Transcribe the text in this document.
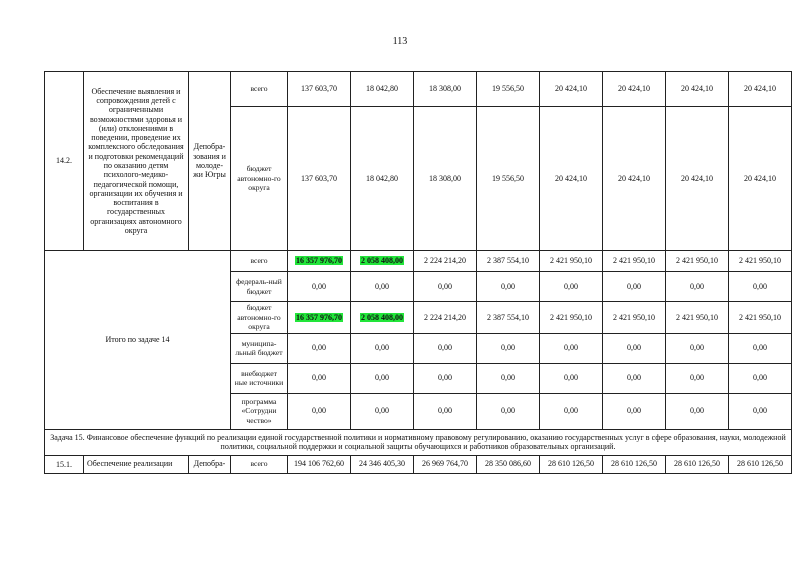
113
14.2.	Обеспечение выявления и сопровождения детей с ограниченными возможностями здоровья и (или) отклонениями в поведении, проведение их комплексного обследования и подготовки рекомендаций по оказанию детям психолого-медико-педагогической помощи, организации их обучения и воспитания в государственных организациях автономного округа	Депобра-зования и молоде-жи Югры	всего	137 603,70	18 042,80	18 308,00	19 556,50	20 424,10	20 424,10	20 424,10	20 424,10
			бюджет автономно-го округа	137 603,70	18 042,80	18 308,00	19 556,50	20 424,10	20 424,10	20 424,10	20 424,10
Итого по задаче 14			всего	16 357 976,70	2 058 408,00	2 224 214,20	2 387 554,10	2 421 950,10	2 421 950,10	2 421 950,10	2 421 950,10
			федераль-ный бюджет	0,00	0,00	0,00	0,00	0,00	0,00	0,00	0,00
			бюджет автономно-го округа	16 357 976,70	2 058 408,00	2 224 214,20	2 387 554,10	2 421 950,10	2 421 950,10	2 421 950,10	2 421 950,10
			муниципа-льный бюджет	0,00	0,00	0,00	0,00	0,00	0,00	0,00	0,00
			внебюджет ные источники	0,00	0,00	0,00	0,00	0,00	0,00	0,00	0,00
			программа «Сотрудни чество»	0,00	0,00	0,00	0,00	0,00	0,00	0,00	0,00
Задача 15. Финансовое обеспечение функций по реализации единой государственной политики и нормативному правовому регулированию, оказанию государственных услуг в сфере образования, науки, молодежной политики, социальной поддержки и социальной защиты обучающихся и работников образовательных организаций.											
15.1.	Обеспечение реализации	Депобра-	всего	194 106 762,60	24 346 405,30	26 969 764,70	28 350 086,60	28 610 126,50	28 610 126,50	28 610 126,50	28 610 126,50
